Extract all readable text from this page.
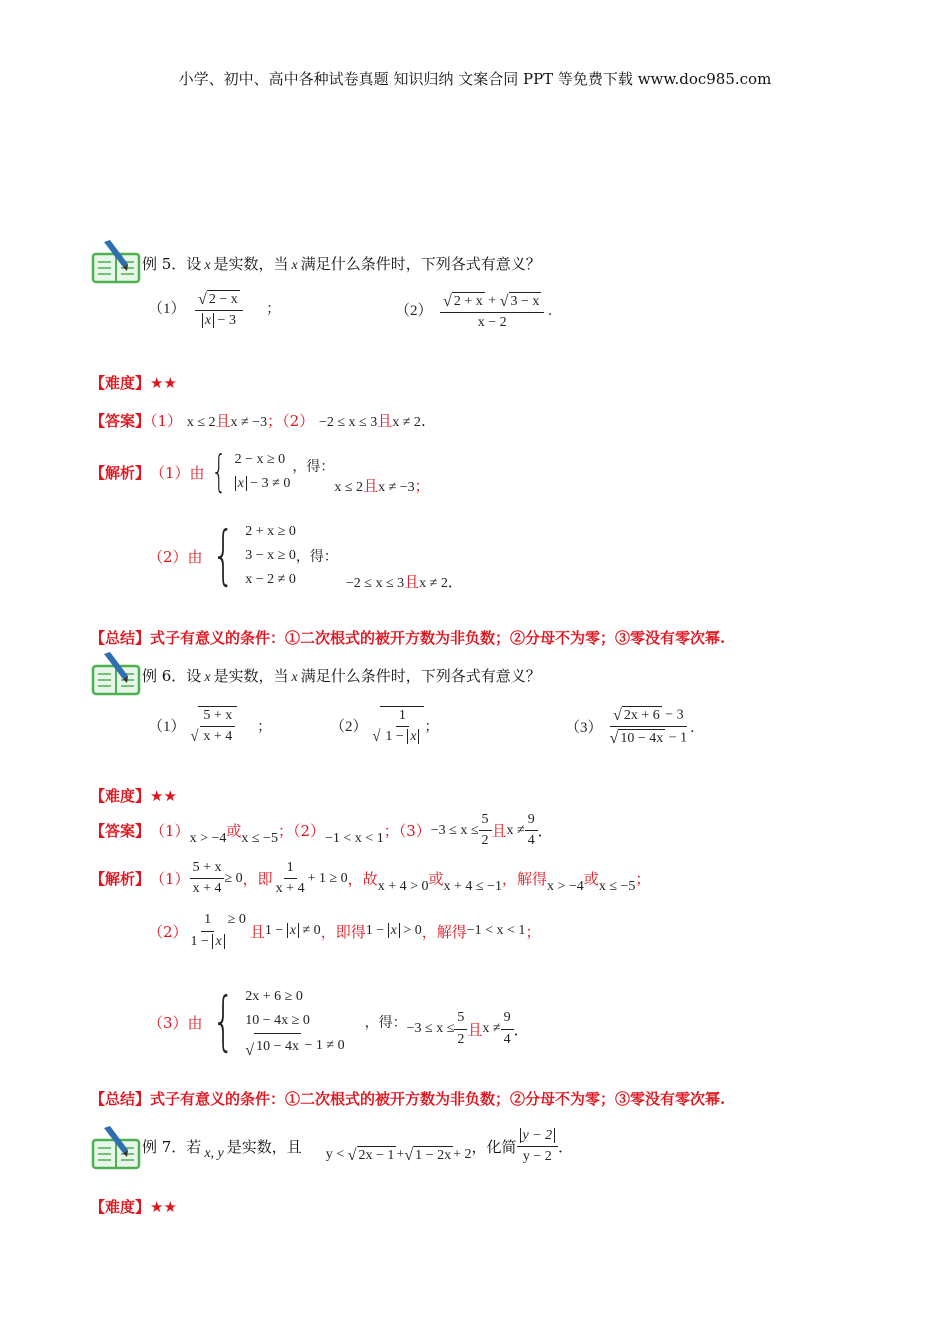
小学、初中、高中各种试卷真题 知识归纳 文案合同 PPT 等免费下载 www.doc985.com
例 5．设 x 是实数，当 x 满足什么条件时，下列各式有意义？
$(1) \frac{√ 2 - x}{x - 3}$ ；	$(2) \frac{√ 2 + x + √ 3 - x}{x - 2}$ ．
【难度】★★
【答案】（1） x ≤ 2且x ≠ −3；（2） −2 ≤ x ≤ 3且x ≠ 2.
【解析】 （1）由 { 2 − x ≥ 0
x − 3 ≠ 0
，得：
x ≤ 2且x ≠ −3；
（2）由 { 2 + x ≥ 0
3 − x ≥ 0
x − 2 ≠ 0
，得：
−2 ≤ x ≤ 3且x ≠ 2．
【总结】式子有意义的条件：①二次根式的被开方数为非负数；②分母不为零；③零没有零次幂.
例 6．设 x 是实数，当 x 满足什么条件时，下列各式有意义？
（1）
√ $\frac{5 + x}{x + 4}$ ；	（2）
√ $\frac{1}{1 - x}$ ；	$(3) \frac{√ 2x + 6 - 3}{√ 10 - 4x - 1}$ ．
【难度】★★
【答案】 （1） x > −4 或 x ≤ −5 ；（2） −1 < x < 1 ；$(3) -3 \le x \le \frac{5}{2}$ 且 $x \ne \frac{9}{4}$ ．
【解析】 $(1) \frac{5 + x}{x + 4} \ge 0$ ，即 $\frac{1}{x + 4} + 1 \ge 0$ ，故 x + 4 > 0 或 x + 4 ≤ −1 ，解得 x > −4 或 x ≤ −5 ；
$(2) \frac{1}{1 - x} \ge 0$
且 1 − x ≠ 0 ，即得 1 − x > 0 ，解得 −1 < x < 1 ；
（3）由 { 2x + 6 ≥ 0
10 − 4x ≥ 0
√ 10 − 4x − 1 ≠ 0
，得： $-3 \le x \le \frac{5}{2}$ 且 $x \ne \frac{9}{4}$ ．
【总结】式子有意义的条件：①二次根式的被开方数为非负数；②分母不为零；③零没有零次幂.
例 7．若 x, y 是实数，且 y <
√ 2x − 1 + √ 1 − 2x + 2 ，化简 $\frac{y - 2}{y - 2}$ ．
【难度】★★
